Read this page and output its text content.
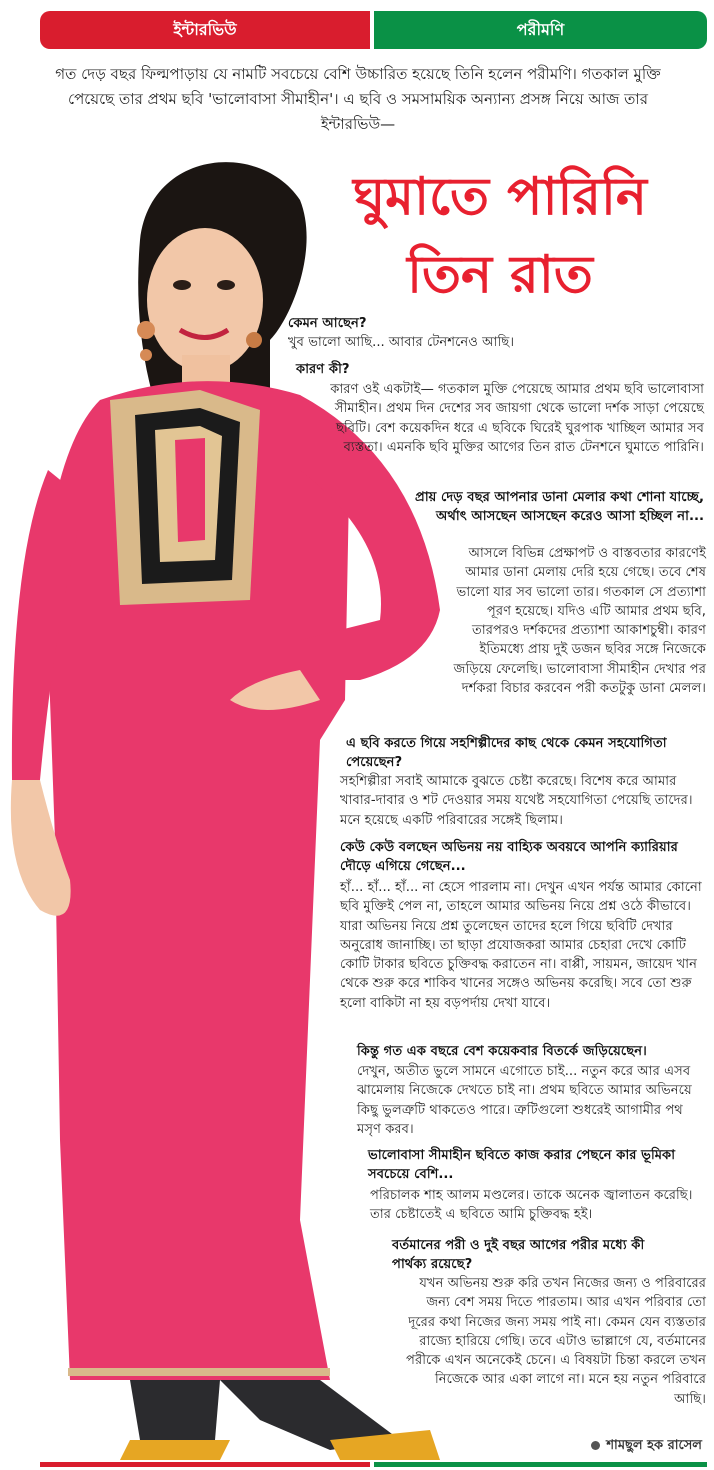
ইন্টারভিউ	পরীমণি
গত দেড় বছর ফিল্মপাড়ায় যে নামটি সবচেয়ে বেশি উচ্চারিত হয়েছে তিনি হলেন পরীমণি। গতকাল মুক্তি পেয়েছে তার প্রথম ছবি 'ভালোবাসা সীমাহীন'। এ ছবি ও সমসাময়িক অন্যান্য প্রসঙ্গ নিয়ে আজ তার ইন্টারভিউ—
ঘুমাতে পারিনি
তিন রাত
কেমন আছেন?
খুব ভালো আছি... আবার টেনশনেও আছি।
কারণ কী?
কারণ ওই একটাই— গতকাল মুক্তি পেয়েছে আমার প্রথম ছবি ভালোবাসা সীমাহীন। প্রথম দিন দেশের সব জায়গা থেকে ভালো দর্শক সাড়া পেয়েছে ছবিটি। বেশ কয়েকদিন ধরে এ ছবিকে ঘিরেই ঘুরপাক খাচ্ছিল আমার সব ব্যস্ততা। এমনকি ছবি মুক্তির আগের তিন রাত টেনশনে ঘুমাতে পারিনি।
প্রায় দেড় বছর আপনার ডানা মেলার কথা শোনা যাচ্ছে, অর্থাৎ আসছেন আসছেন করেও আসা হচ্ছিল না...
আসলে বিভিন্ন প্রেক্ষাপট ও বাস্তবতার কারণেই আমার ডানা মেলায় দেরি হয়ে গেছে। তবে শেষ ভালো যার সব ভালো তার। গতকাল সে প্রত্যাশা পূরণ হয়েছে। যদিও এটি আমার প্রথম ছবি, তারপরও দর্শকদের প্রত্যাশা আকাশচুম্বী। কারণ ইতিমধ্যে প্রায় দুই ডজন ছবির সঙ্গে নিজেকে জড়িয়ে ফেলেছি। ভালোবাসা সীমাহীন দেখার পর দর্শকরা বিচার করবেন পরী কতটুকু ডানা মেলল।
এ ছবি করতে গিয়ে সহশিল্পীদের কাছ থেকে কেমন সহযোগিতা পেয়েছেন?
সহশিল্পীরা সবাই আমাকে বুঝতে চেষ্টা করেছে। বিশেষ করে আমার খাবার-দাবার ও শট দেওয়ার সময় যথেষ্ট সহযোগিতা পেয়েছি তাদের। মনে হয়েছে একটি পরিবারের সঙ্গেই ছিলাম।
কেউ কেউ বলছেন অভিনয় নয় বাহ্যিক অবয়বে আপনি ক্যারিয়ার দৌড়ে এগিয়ে গেছেন...
হাঁ... হাঁ... হাঁ... না হেসে পারলাম না। দেখুন এখন পর্যন্ত আমার কোনো ছবি মুক্তিই পেল না, তাহলে আমার অভিনয় নিয়ে প্রশ্ন ওঠে কীভাবে। যারা অভিনয় নিয়ে প্রশ্ন তুলেছেন তাদের হলে গিয়ে ছবিটি দেখার অনুরোধ জানাচ্ছি। তা ছাড়া প্রযোজকরা আমার চেহারা দেখে কোটি কোটি টাকার ছবিতে চুক্তিবদ্ধ করাতেন না। বাপ্পী, সায়মন, জায়েদ খান থেকে শুরু করে শাকিব খানের সঙ্গেও অভিনয় করেছি। সবে তো শুরু হলো বাকিটা না হয় বড়পর্দায় দেখা যাবে।
কিন্তু গত এক বছরে বেশ কয়েকবার বিতর্কে জড়িয়েছেন।
দেখুন, অতীত ভুলে সামনে এগোতে চাই... নতুন করে আর এসব ঝামেলায় নিজেকে দেখতে চাই না। প্রথম ছবিতে আমার অভিনয়ে কিছু ভুলত্রুটি থাকতেও পারে। ত্রুটিগুলো শুধরেই আগামীর পথ মসৃণ করব।
ভালোবাসা সীমাহীন ছবিতে কাজ করার পেছনে কার ভূমিকা সবচেয়ে বেশি...
পরিচালক শাহ আলম মণ্ডলের। তাকে অনেক জ্বালাতন করেছি। তার চেষ্টাতেই এ ছবিতে আমি চুক্তিবদ্ধ হই।
বর্তমানের পরী ও দুই বছর আগের পরীর মধ্যে কী পার্থক্য রয়েছে?
যখন অভিনয় শুরু করি তখন নিজের জন্য ও পরিবারের জন্য বেশ সময় দিতে পারতাম। আর এখন পরিবার তো দূরের কথা নিজের জন্য সময় পাই না। কেমন যেন ব্যস্ততার রাজ্যে হারিয়ে গেছি। তবে এটাও ভাল্লাগে যে, বর্তমানের পরীকে এখন অনেকেই চেনে। এ বিষয়টা চিন্তা করলে তখন নিজেকে আর একা লাগে না। মনে হয় নতুন পরিবারে আছি।
শামছুল হক রাসেল
